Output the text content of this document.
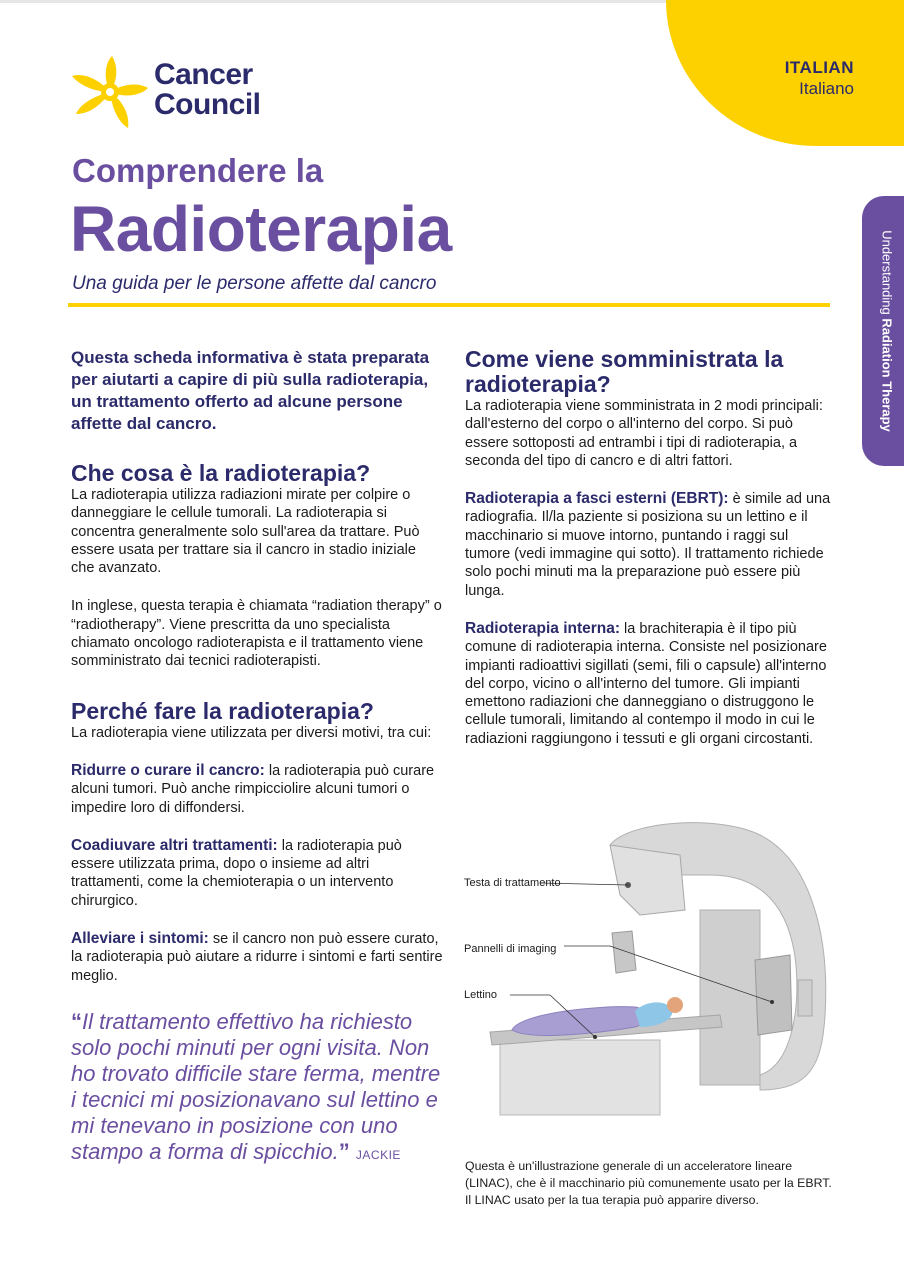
ITALIAN
Italiano
Cancer
Council
Comprendere la
Radioterapia
Una guida per le persone affette dal cancro	Understanding Radiation Therapy

Questa scheda informativa è stata preparata per aiutarti a capire di più sulla radioterapia, un trattamento offerto ad alcune persone affette dal cancro.

Che cosa è la radioterapia?

La radioterapia utilizza radiazioni mirate per colpire o danneggiare le cellule tumorali. La radioterapia si concentra generalmente solo sull'area da trattare. Può essere usata per trattare sia il cancro in stadio iniziale che avanzato.

In inglese, questa terapia è chiamata “radiation therapy” o “radiotherapy”. Viene prescritta da uno specialista chiamato oncologo radioterapista e il trattamento viene somministrato dai tecnici radioterapisti.

Perché fare la radioterapia?

La radioterapia viene utilizzata per diversi motivi, tra cui:

Ridurre o curare il cancro: la radioterapia può curare alcuni tumori. Può anche rimpicciolire alcuni tumori o impedire loro di diffondersi.

Coadiuvare altri trattamenti: la radioterapia può essere utilizzata prima, dopo o insieme ad altri trattamenti, come la chemioterapia o un intervento chirurgico.

Alleviare i sintomi: se il cancro non può essere curato, la radioterapia può aiutare a ridurre i sintomi e farti sentire meglio.

“Il trattamento effettivo ha richiesto solo pochi minuti per ogni visita. Non ho trovato difficile stare ferma, mentre i tecnici mi posizionavano sul lettino e mi tenevano in posizione con uno stampo a forma di spicchio.” JACKIE
Come viene somministrata la radioterapia?

La radioterapia viene somministrata in 2 modi principali: dall'esterno del corpo o all'interno del corpo. Si può essere sottoposti ad entrambi i tipi di radioterapia, a seconda del tipo di cancro e di altri fattori.

Radioterapia a fasci esterni (EBRT): è simile ad una radiografia. Il/la paziente si posiziona su un lettino e il macchinario si muove intorno, puntando i raggi sul tumore (vedi immagine qui sotto). Il trattamento richiede solo pochi minuti ma la preparazione può essere più lunga.

Radioterapia interna: la brachiterapia è il tipo più comune di radioterapia interna. Consiste nel posizionare impianti radioattivi sigillati (semi, fili o capsule) all'interno del corpo, vicino o all'interno del tumore. Gli impianti emettono radiazioni che danneggiano o distruggono le cellule tumorali, limitando al contempo il modo in cui le radiazioni raggiungono i tessuti e gli organi circostanti.

Testa di trattamento
Pannelli di imaging
Lettino
Questa è un'illustrazione generale di un acceleratore lineare (LINAC), che è il macchinario più comunemente usato per la EBRT. Il LINAC usato per la tua terapia può apparire diverso.
